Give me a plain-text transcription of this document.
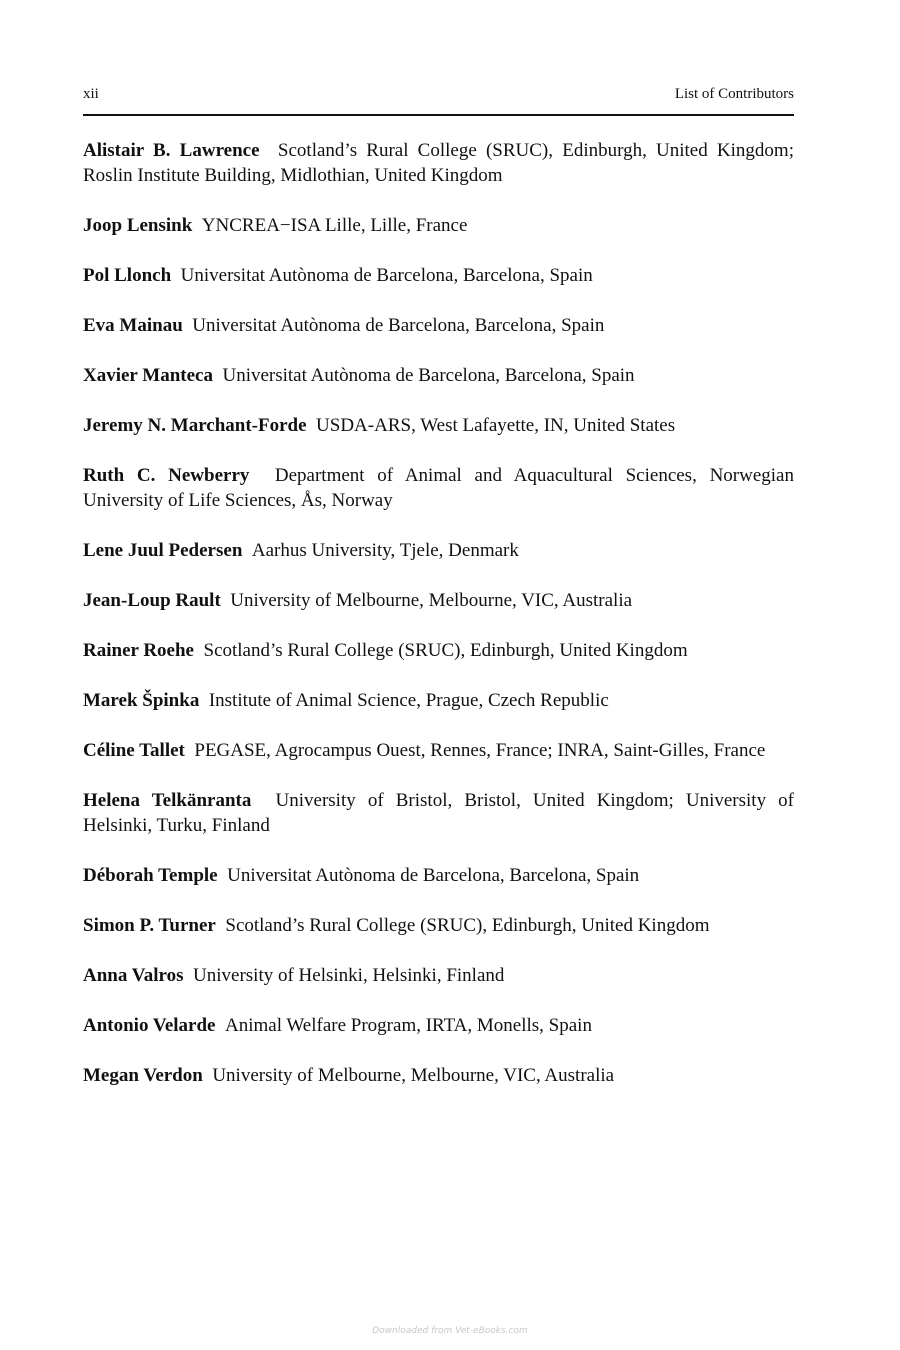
xii	List of Contributors

Alistair B. Lawrence Scotland’s Rural College (SRUC), Edinburgh, United Kingdom; Roslin Institute Building, Midlothian, United Kingdom

Joop Lensink YNCREA−ISA Lille, Lille, France

Pol Llonch Universitat Autònoma de Barcelona, Barcelona, Spain

Eva Mainau Universitat Autònoma de Barcelona, Barcelona, Spain

Xavier Manteca Universitat Autònoma de Barcelona, Barcelona, Spain

Jeremy N. Marchant-Forde USDA-ARS, West Lafayette, IN, United States

Ruth C. Newberry Department of Animal and Aquacultural Sciences, Norwegian University of Life Sciences, Ås, Norway

Lene Juul Pedersen Aarhus University, Tjele, Denmark

Jean-Loup Rault University of Melbourne, Melbourne, VIC, Australia

Rainer Roehe Scotland’s Rural College (SRUC), Edinburgh, United Kingdom

Marek Špinka Institute of Animal Science, Prague, Czech Republic

Céline Tallet PEGASE, Agrocampus Ouest, Rennes, France; INRA, Saint-Gilles, France

Helena Telkänranta University of Bristol, Bristol, United Kingdom; University of Helsinki, Turku, Finland

Déborah Temple Universitat Autònoma de Barcelona, Barcelona, Spain

Simon P. Turner Scotland’s Rural College (SRUC), Edinburgh, United Kingdom

Anna Valros University of Helsinki, Helsinki, Finland

Antonio Velarde Animal Welfare Program, IRTA, Monells, Spain

Megan Verdon University of Melbourne, Melbourne, VIC, Australia

Downloaded from Vet-eBooks.com
